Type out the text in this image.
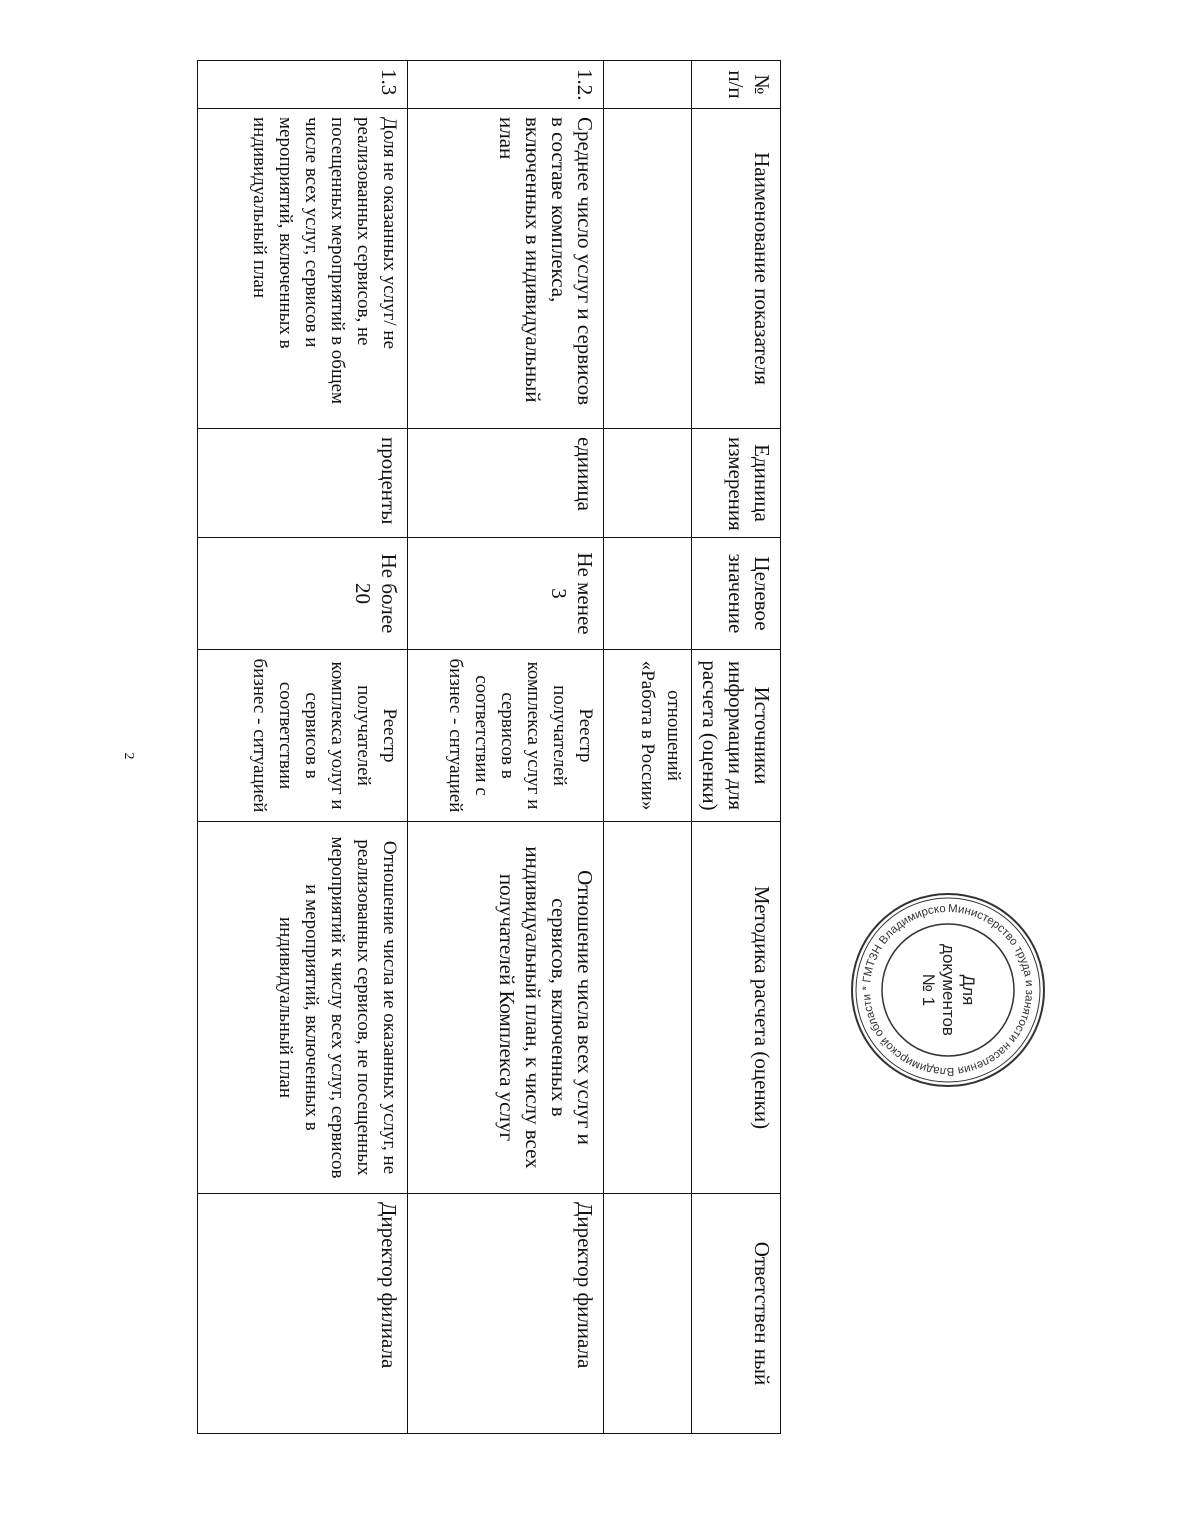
2
№ п/п	Наименование показателя	Единица измерения	Целевое значение	Источники информации для расчета (оценки)	Методика расчета (оценки)	Ответствен ный
				отношений «Работа в России»		
1.2.	Среднее число услуг и сервисов в составе комплекса, включенных в индивидуальный илан	едииица	Не менее 3	Реестр получателей комплекса услуг и сервисов в соответствии с бизнес - снтуацией	Отношение числа всех услуг и сервисов, включенных в индивидуальный план, к числу всех получателей Комплекса услуг	Директор филиала
1.3	Доля не оказанных услуг/ не реализованных сервисов, не посещенных мероприятий в общем числе всех услуг, сервисов и мероприятий, включенных в индивидуальный план	проценты	Не более 20	Реестр получателей комплекса уолуг и сервисов в соответствии бизнес - ситуацией	Отношение числа ие оказанных услуг, не реализованных сервисов, не посещенных мероприятий к числу всех услуг, сервисов и мероприятий, включенных в индивидуальный план	Директор филиала
Министерство труда и занятости населения Владимирской области * ГМТЗН Владимирско
Для
документов
№ 1
